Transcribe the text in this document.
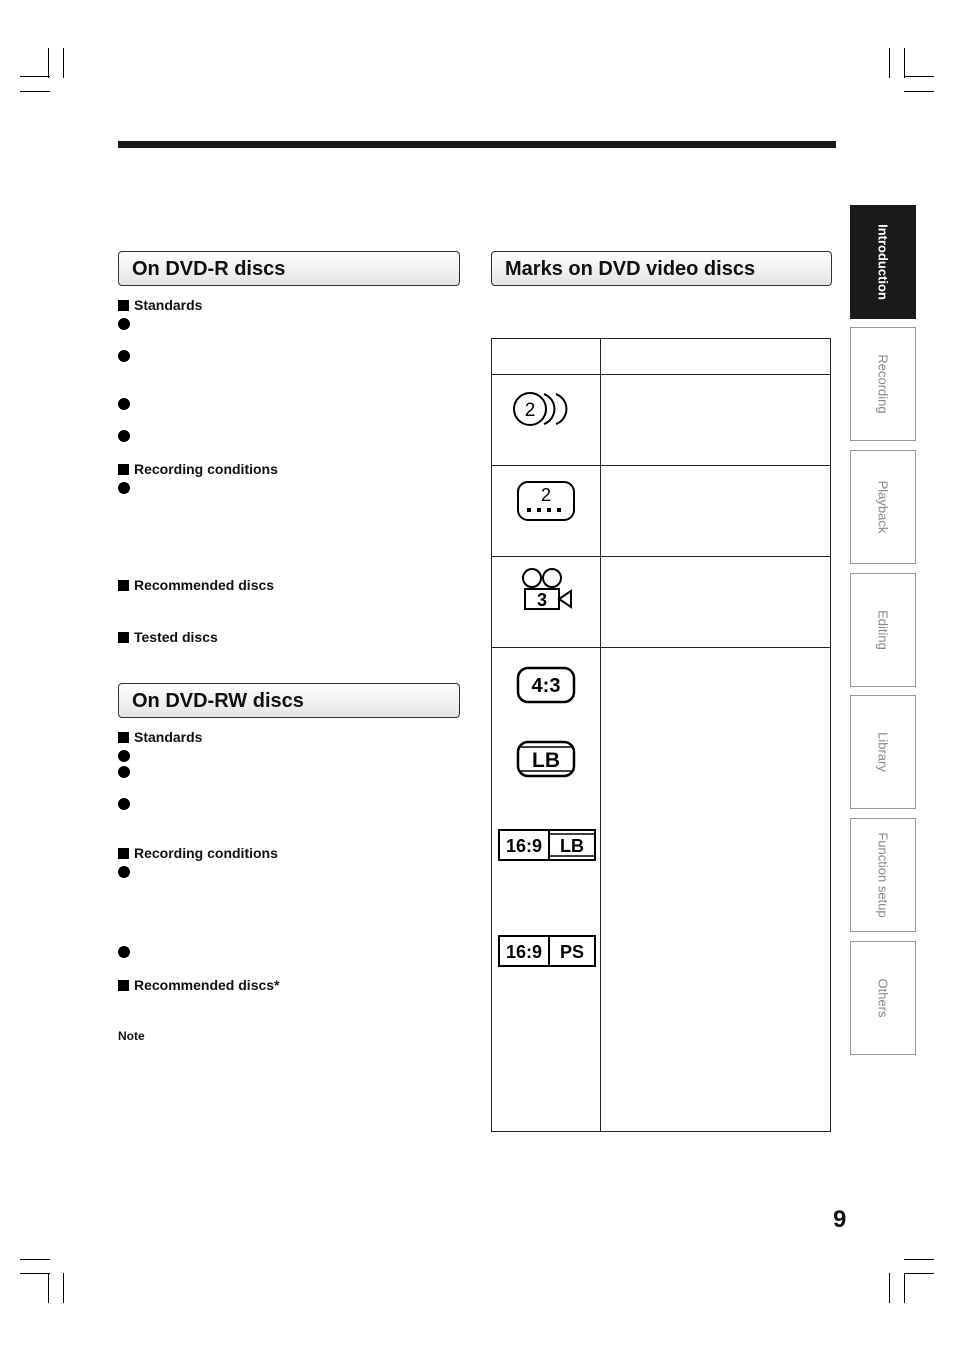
On DVD-R discs
Standards
Recording conditions
Recommended discs
Tested discs
On DVD-RW discs
Standards
Recording conditions
Recommended discs*
Note
Marks on DVD video discs
2
2
3
4:3
LB
16:9 LB
16:9 PS
Introduction
Recording
Playback
Editing
Library
Function setup
Others
9
